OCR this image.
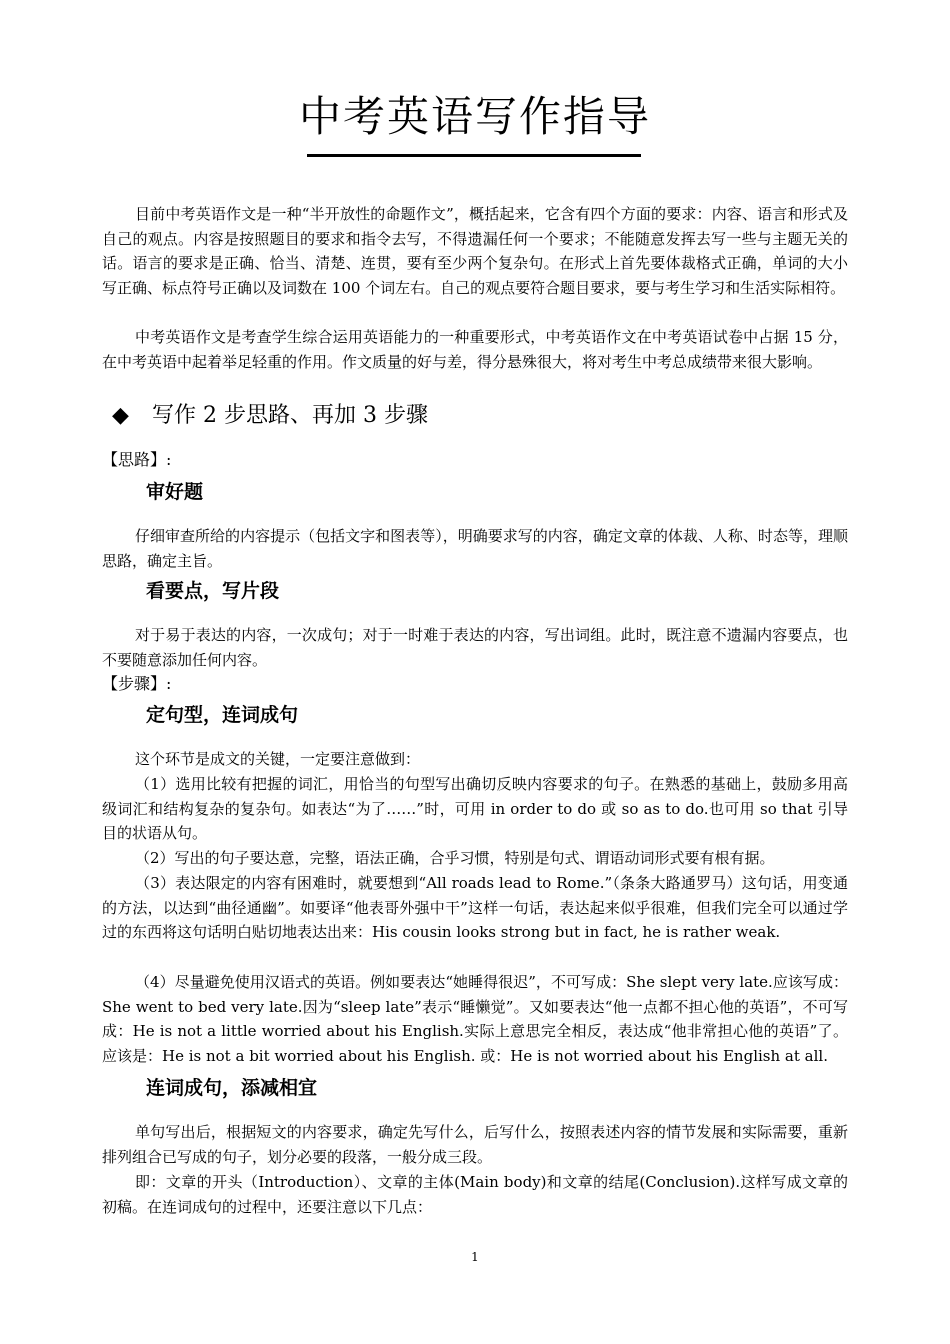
中考英语写作指导

目前中考英语作文是一种“半开放性的命题作文”，概括起来，它含有四个方面的要求：内容、语言和形式及自己的观点。内容是按照题目的要求和指令去写，不得遗漏任何一个要求；不能随意发挥去写一些与主题无关的话。语言的要求是正确、恰当、清楚、连贯，要有至少两个复杂句。在形式上首先要体裁格式正确，单词的大小写正确、标点符号正确以及词数在 100 个词左右。自己的观点要符合题目要求，要与考生学习和生活实际相符。

中考英语作文是考查学生综合运用英语能力的一种重要形式，中考英语作文在中考英语试卷中占据 15 分，在中考英语中起着举足轻重的作用。作文质量的好与差，得分悬殊很大，将对考生中考总成绩带来很大影响。

◆ 写作 2 步思路、再加 3 步骤
【思路】:
审好题

仔细审查所给的内容提示（包括文字和图表等），明确要求写的内容，确定文章的体裁、人称、时态等，理顺思路，确定主旨。

看要点，写片段

对于易于表达的内容，一次成句；对于一时难于表达的内容，写出词组。此时，既注意不遗漏内容要点，也不要随意添加任何内容。

【步骤】:
定句型，连词成句

这个环节是成文的关键，一定要注意做到：

（1）选用比较有把握的词汇，用恰当的句型写出确切反映内容要求的句子。在熟悉的基础上，鼓励多用高级词汇和结构复杂的复杂句。如表达“为了……”时，可用 in order to do 或 so as to do.也可用 so that 引导目的状语从句。

（2）写出的句子要达意，完整，语法正确，合乎习惯，特别是句式、谓语动词形式要有根有据。

（3）表达限定的内容有困难时，就要想到“All roads lead to Rome.”（条条大路通罗马）这句话，用变通的方法，以达到“曲径通幽”。如要译“他表哥外强中干”这样一句话，表达起来似乎很难，但我们完全可以通过学过的东西将这句话明白贴切地表达出来：His cousin looks strong but in fact, he is rather weak.

（4）尽量避免使用汉语式的英语。例如要表达“她睡得很迟”，不可写成：She slept very late.应该写成：She went to bed very late.因为“sleep late”表示“睡懒觉”。又如要表达“他一点都不担心他的英语”，不可写成：He is not a little worried about his English.实际上意思完全相反，表达成“他非常担心他的英语”了。应该是：He is not a bit worried about his English. 或：He is not worried about his English at all.

连词成句，添减相宜

单句写出后，根据短文的内容要求，确定先写什么，后写什么，按照表述内容的情节发展和实际需要，重新排列组合已写成的句子，划分必要的段落，一般分成三段。

即：文章的开头（Introduction）、文章的主体(Main body)和文章的结尾(Conclusion).这样写成文章的初稿。在连词成句的过程中，还要注意以下几点：

1
